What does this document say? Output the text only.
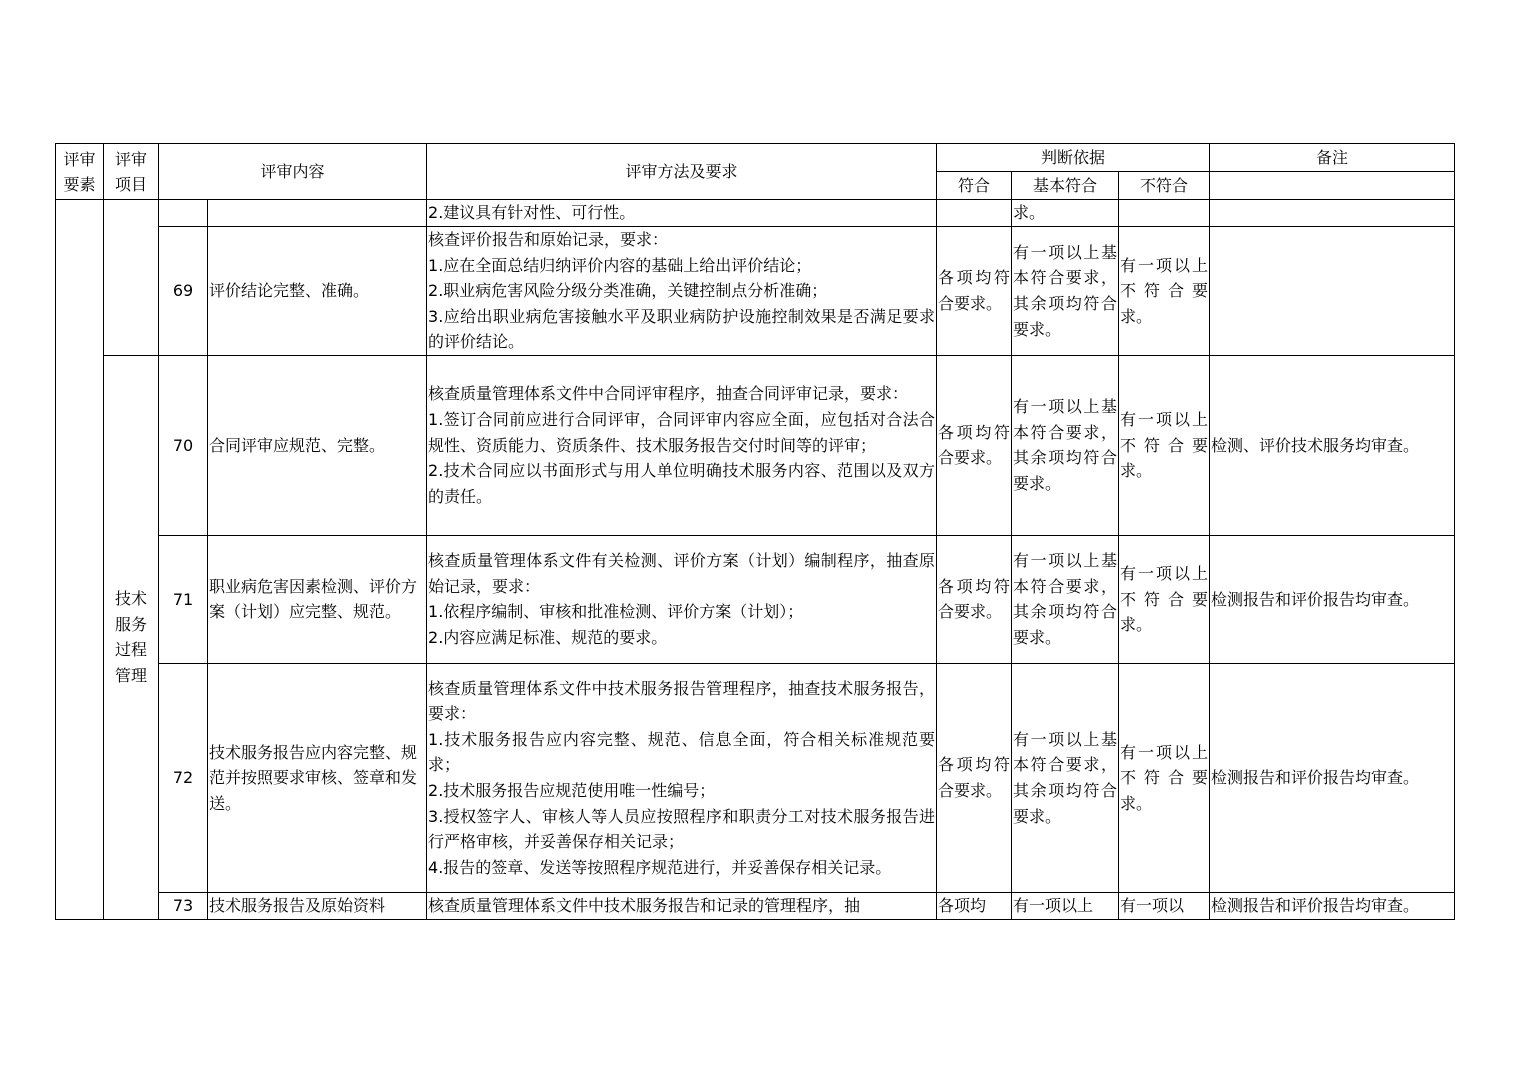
评审要素	评审项目	评审内容		评审方法及要求	判断依据			备注
					符合	基本符合	不符合	

				2.建议具有针对性、可行性。		求。		
		69	评价结论完整、准确。	核查评价报告和原始记录，要求：
1.应在全面总结归纳评价内容的基础上给出评价结论；
2.职业病危害风险分级分类准确，关键控制点分析准确；
3.应给出职业病危害接触水平及职业病防护设施控制效果是否满足要求的评价结论。	各项均符合要求。	有一项以上基本符合要求，其余项均符合要求。	有一项以上不符合要求。	
	技术服务过程管理	70	合同评审应规范、完整。	核查质量管理体系文件中合同评审程序，抽查合同评审记录，要求：
1.签订合同前应进行合同评审，合同评审内容应全面，应包括对合法合规性、资质能力、资质条件、技术服务报告交付时间等的评审；
2.技术合同应以书面形式与用人单位明确技术服务内容、范围以及双方的责任。	各项均符合要求。	有一项以上基本符合要求，其余项均符合要求。	有一项以上不符合要求。	检测、评价技术服务均审查。
		71	职业病危害因素检测、评价方案（计划）应完整、规范。	核查质量管理体系文件有关检测、评价方案（计划）编制程序，抽查原始记录，要求：
1.依程序编制、审核和批准检测、评价方案（计划）；
2.内容应满足标准、规范的要求。	各项均符合要求。	有一项以上基本符合要求，其余项均符合要求。	有一项以上不符合要求。	检测报告和评价报告均审查。
		72	技术服务报告应内容完整、规范并按照要求审核、签章和发送。	核查质量管理体系文件中技术服务报告管理程序，抽查技术服务报告，要求：
1.技术服务报告应内容完整、规范、信息全面，符合相关标准规范要求；
2.技术服务报告应规范使用唯一性编号；
3.授权签字人、审核人等人员应按照程序和职责分工对技术服务报告进行严格审核，并妥善保存相关记录；
4.报告的签章、发送等按照程序规范进行，并妥善保存相关记录。	各项均符合要求。	有一项以上基本符合要求，其余项均符合要求。	有一项以上不符合要求。	检测报告和评价报告均审查。
		73	技术服务报告及原始资料	核查质量管理体系文件中技术服务报告和记录的管理程序，抽	各项均	有一项以上	有一项以	检测报告和评价报告均审查。
